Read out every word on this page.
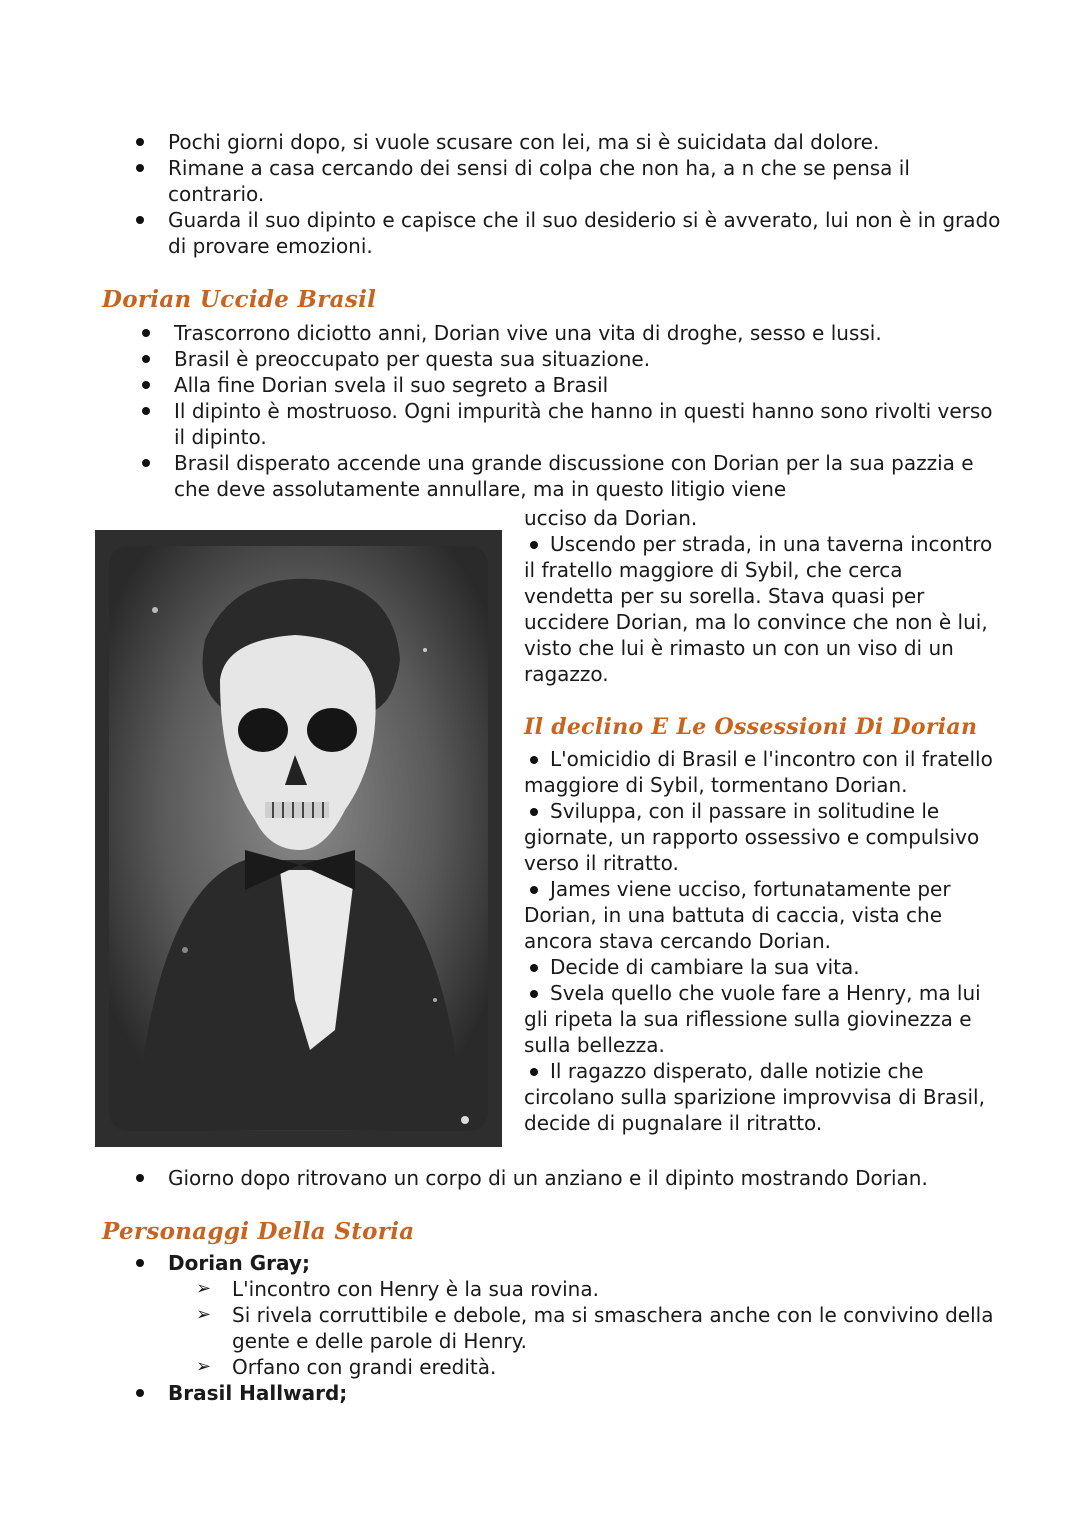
Pochi giorni dopo, si vuole scusare con lei, ma si è suicidata dal dolore.
Rimane a casa cercando dei sensi di colpa che non ha, a n che se pensa il contrario.
Guarda il suo dipinto e capisce che il suo desiderio si è avverato, lui non è in grado di provare emozioni.
Dorian Uccide Brasil
Trascorrono diciotto anni, Dorian vive una vita di droghe, sesso e lussi.
Brasil è preoccupato per questa sua situazione.
Alla fine Dorian svela il suo segreto a Brasil
Il dipinto è mostruoso. Ogni impurità che hanno in questi hanno sono rivolti verso il dipinto.
Brasil disperato accende una grande discussione con Dorian per la sua pazzia e che deve assolutamente annullare, ma in questo litigio viene

ucciso da Dorian.

Uscendo per strada, in una taverna incontro il fratello maggiore di Sybil, che cerca vendetta per su sorella. Stava quasi per uccidere Dorian, ma lo convince che non è lui, visto che lui è rimasto un con un viso di un ragazzo.

Il declino E Le Ossessioni Di Dorian

L'omicidio di Brasil e l'incontro con il fratello maggiore di Sybil, tormentano Dorian.

Sviluppa, con il passare in solitudine le giornate, un rapporto ossessivo e compulsivo verso il ritratto.

James viene ucciso, fortunatamente per Dorian, in una battuta di caccia, vista che ancora stava cercando Dorian.

Decide di cambiare la sua vita.

Svela quello che vuole fare a Henry, ma lui gli ripeta la sua riflessione sulla giovinezza e sulla bellezza.

Il ragazzo disperato, dalle notizie che circolano sulla sparizione improvvisa di Brasil, decide di pugnalare il ritratto.

Giorno dopo ritrovano un corpo di un anziano e il dipinto mostrando Dorian.
Personaggi Della Storia
Dorian Gray;
➢ L'incontro con Henry è la sua rovina.
➢ Si rivela corruttibile e debole, ma si smaschera anche con le convivino della gente e delle parole di Henry.
➢ Orfano con grandi eredità.
Brasil Hallward;
